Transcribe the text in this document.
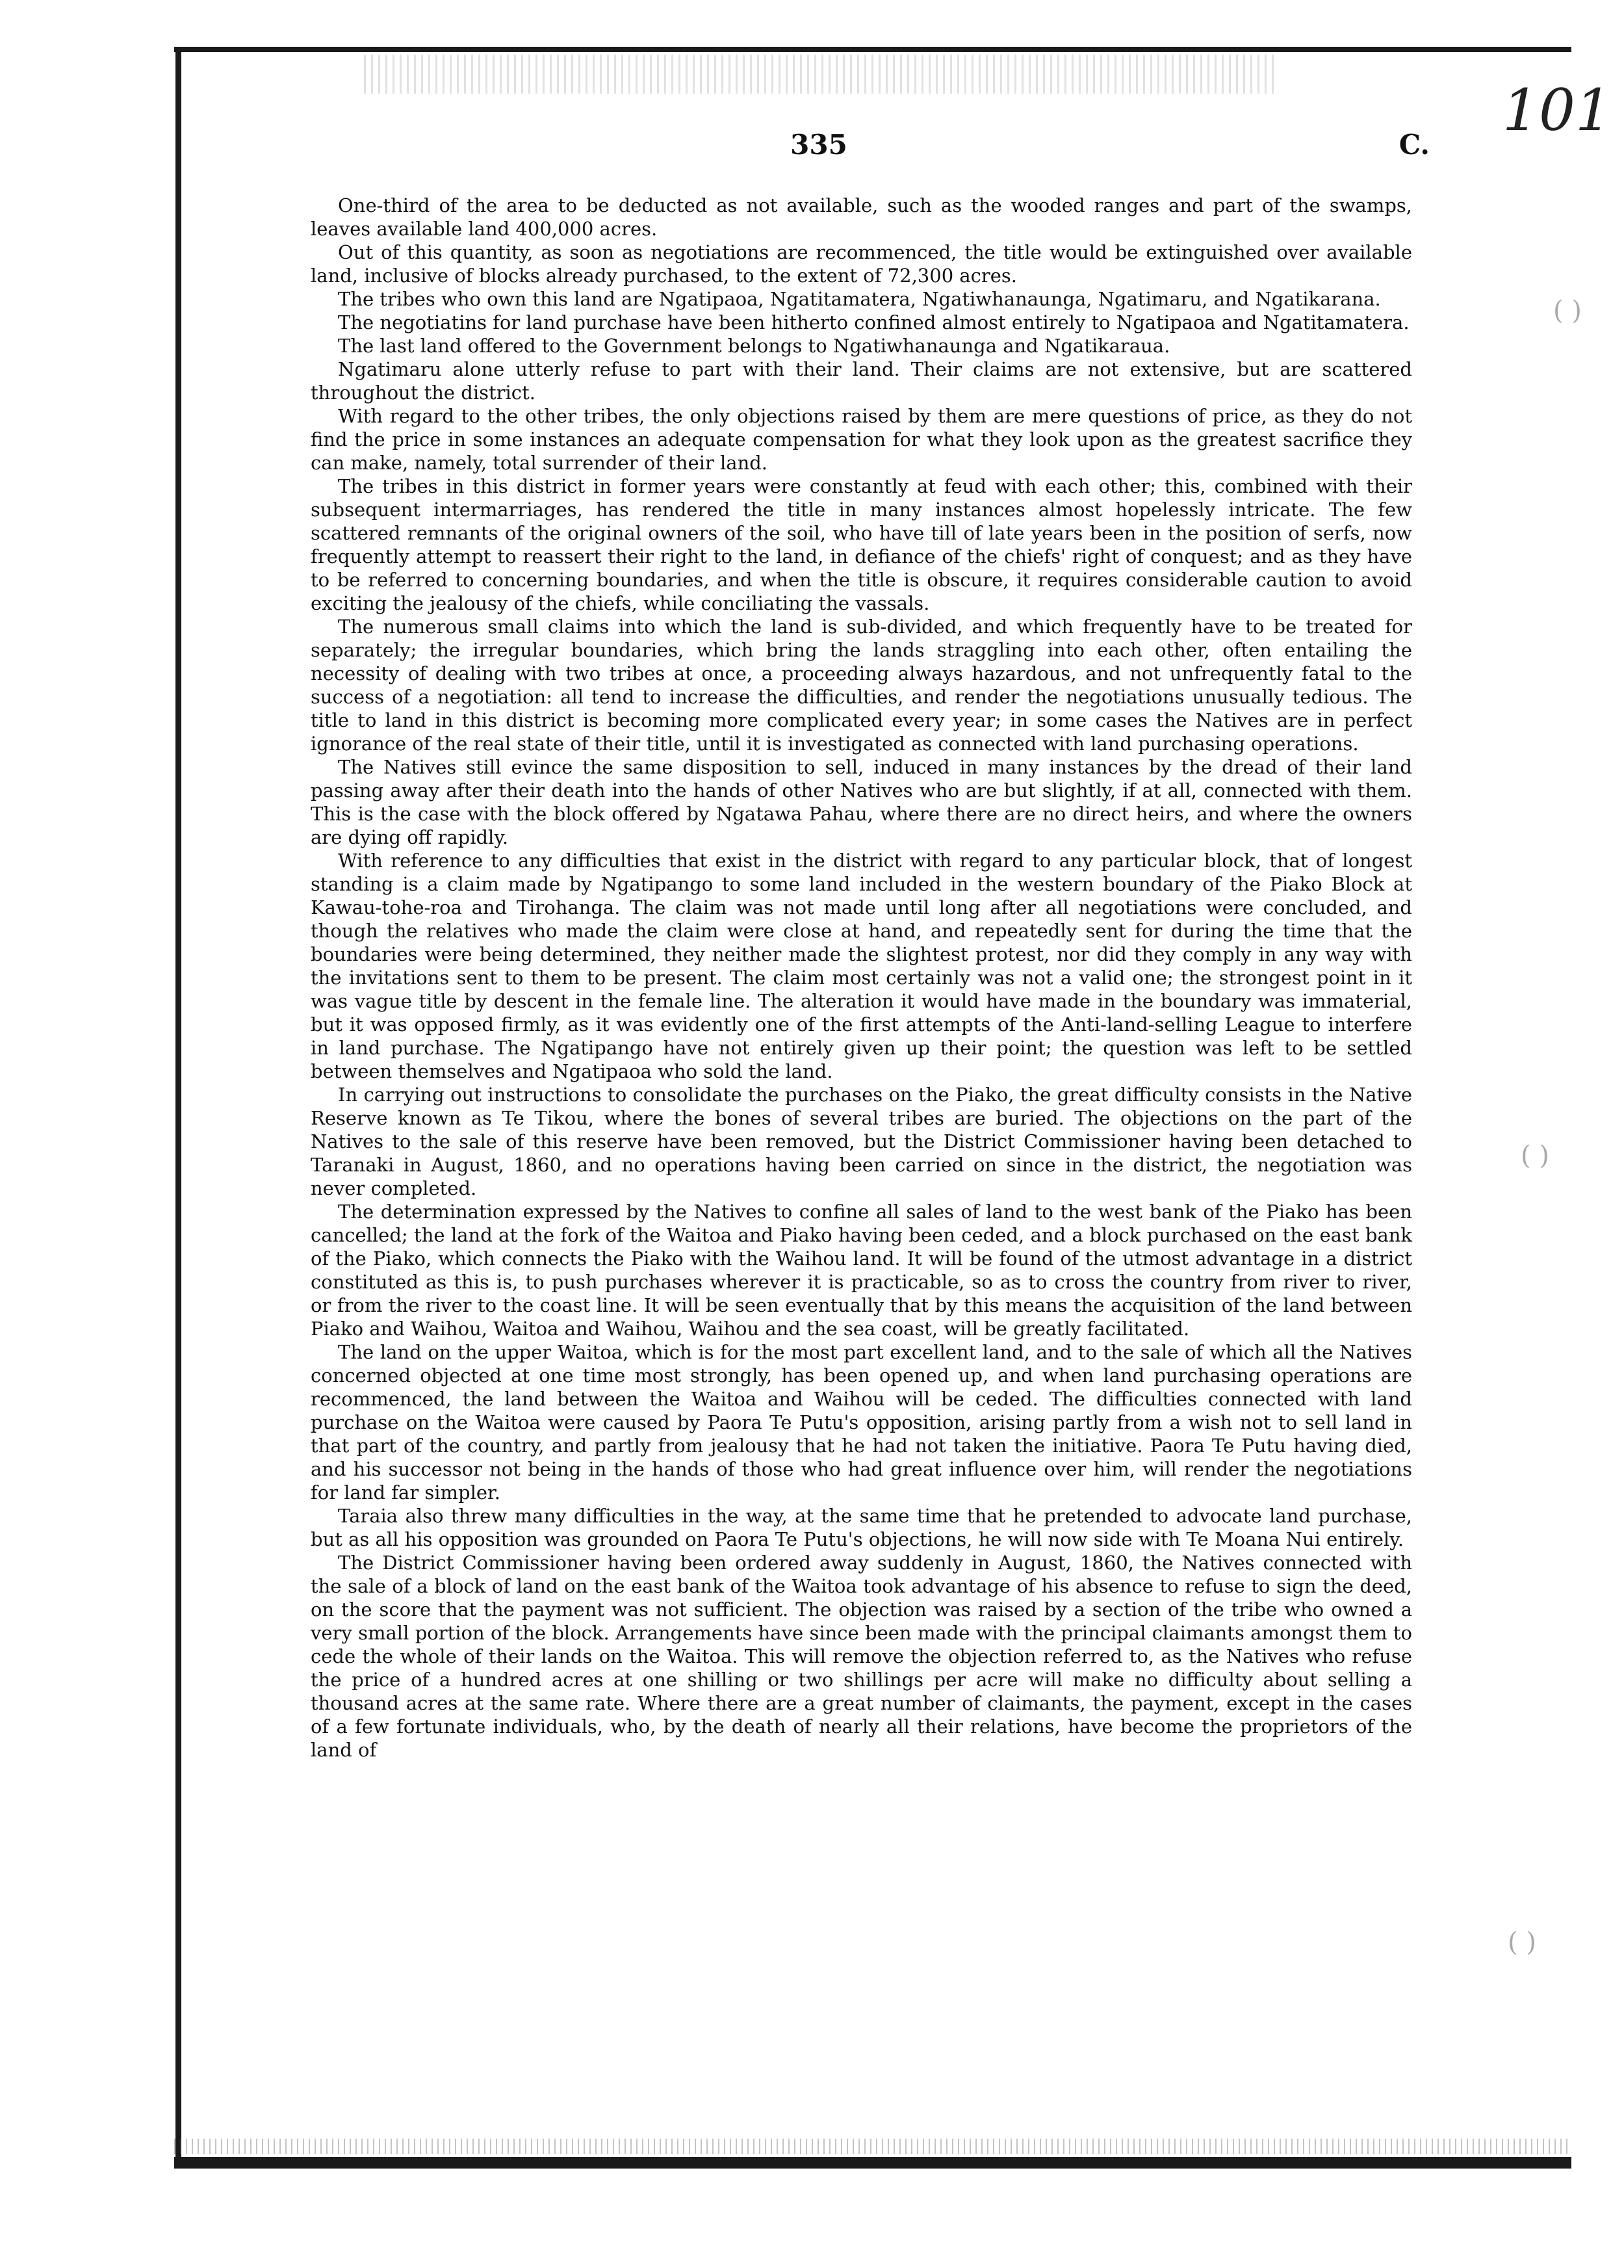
101
335	C.
( )
( )
( )

One-third of the area to be deducted as not available, such as the wooded ranges and part of the swamps, leaves available land 400,000 acres.

Out of this quantity, as soon as negotiations are recommenced, the title would be extinguished over available land, inclusive of blocks already purchased, to the extent of 72,300 acres.

The tribes who own this land are Ngatipaoa, Ngatitamatera, Ngatiwhanaunga, Ngatimaru, and Ngatikarana.

The negotiatins for land purchase have been hitherto confined almost entirely to Ngatipaoa and Ngatitamatera.

The last land offered to the Government belongs to Ngatiwhanaunga and Ngatikaraua.

Ngatimaru alone utterly refuse to part with their land. Their claims are not extensive, but are scattered throughout the district.

With regard to the other tribes, the only objections raised by them are mere questions of price, as they do not find the price in some instances an adequate compensation for what they look upon as the greatest sacrifice they can make, namely, total surrender of their land.

The tribes in this district in former years were constantly at feud with each other; this, combined with their subsequent intermarriages, has rendered the title in many instances almost hopelessly intricate. The few scattered remnants of the original owners of the soil, who have till of late years been in the position of serfs, now frequently attempt to reassert their right to the land, in defiance of the chiefs' right of conquest; and as they have to be referred to concerning boundaries, and when the title is obscure, it requires considerable caution to avoid exciting the jealousy of the chiefs, while conciliating the vassals.

The numerous small claims into which the land is sub-divided, and which frequently have to be treated for separately; the irregular boundaries, which bring the lands straggling into each other, often entailing the necessity of dealing with two tribes at once, a proceeding always hazardous, and not unfrequently fatal to the success of a negotiation: all tend to increase the difficulties, and render the negotiations unusually tedious. The title to land in this district is becoming more complicated every year; in some cases the Natives are in perfect ignorance of the real state of their title, until it is investigated as connected with land purchasing operations.

The Natives still evince the same disposition to sell, induced in many instances by the dread of their land passing away after their death into the hands of other Natives who are but slightly, if at all, connected with them. This is the case with the block offered by Ngatawa Pahau, where there are no direct heirs, and where the owners are dying off rapidly.

With reference to any difficulties that exist in the district with regard to any particular block, that of longest standing is a claim made by Ngatipango to some land included in the western boundary of the Piako Block at Kawau-tohe-roa and Tirohanga. The claim was not made until long after all negotiations were concluded, and though the relatives who made the claim were close at hand, and repeatedly sent for during the time that the boundaries were being determined, they neither made the slightest protest, nor did they comply in any way with the invitations sent to them to be present. The claim most certainly was not a valid one; the strongest point in it was vague title by descent in the female line. The alteration it would have made in the boundary was immaterial, but it was opposed firmly, as it was evidently one of the first attempts of the Anti-land-selling League to interfere in land purchase. The Ngatipango have not entirely given up their point; the question was left to be settled between themselves and Ngatipaoa who sold the land.

In carrying out instructions to consolidate the purchases on the Piako, the great difficulty consists in the Native Reserve known as Te Tikou, where the bones of several tribes are buried. The objections on the part of the Natives to the sale of this reserve have been removed, but the District Commissioner having been detached to Taranaki in August, 1860, and no operations having been carried on since in the district, the negotiation was never completed.

The determination expressed by the Natives to confine all sales of land to the west bank of the Piako has been cancelled; the land at the fork of the Waitoa and Piako having been ceded, and a block purchased on the east bank of the Piako, which connects the Piako with the Waihou land. It will be found of the utmost advantage in a district constituted as this is, to push purchases wherever it is practicable, so as to cross the country from river to river, or from the river to the coast line. It will be seen eventually that by this means the acquisition of the land between Piako and Waihou, Waitoa and Waihou, Waihou and the sea coast, will be greatly facilitated.

The land on the upper Waitoa, which is for the most part excellent land, and to the sale of which all the Natives concerned objected at one time most strongly, has been opened up, and when land purchasing operations are recommenced, the land between the Waitoa and Waihou will be ceded. The difficulties connected with land purchase on the Waitoa were caused by Paora Te Putu's opposition, arising partly from a wish not to sell land in that part of the country, and partly from jealousy that he had not taken the initiative. Paora Te Putu having died, and his successor not being in the hands of those who had great influence over him, will render the negotiations for land far simpler.

Taraia also threw many difficulties in the way, at the same time that he pretended to advocate land purchase, but as all his opposition was grounded on Paora Te Putu's objections, he will now side with Te Moana Nui entirely.

The District Commissioner having been ordered away suddenly in August, 1860, the Natives connected with the sale of a block of land on the east bank of the Waitoa took advantage of his absence to refuse to sign the deed, on the score that the payment was not sufficient. The objection was raised by a section of the tribe who owned a very small portion of the block. Arrangements have since been made with the principal claimants amongst them to cede the whole of their lands on the Waitoa. This will remove the objection referred to, as the Natives who refuse the price of a hundred acres at one shilling or two shillings per acre will make no difficulty about selling a thousand acres at the same rate. Where there are a great number of claimants, the payment, except in the cases of a few fortunate individuals, who, by the death of nearly all their relations, have become the proprietors of the land of
